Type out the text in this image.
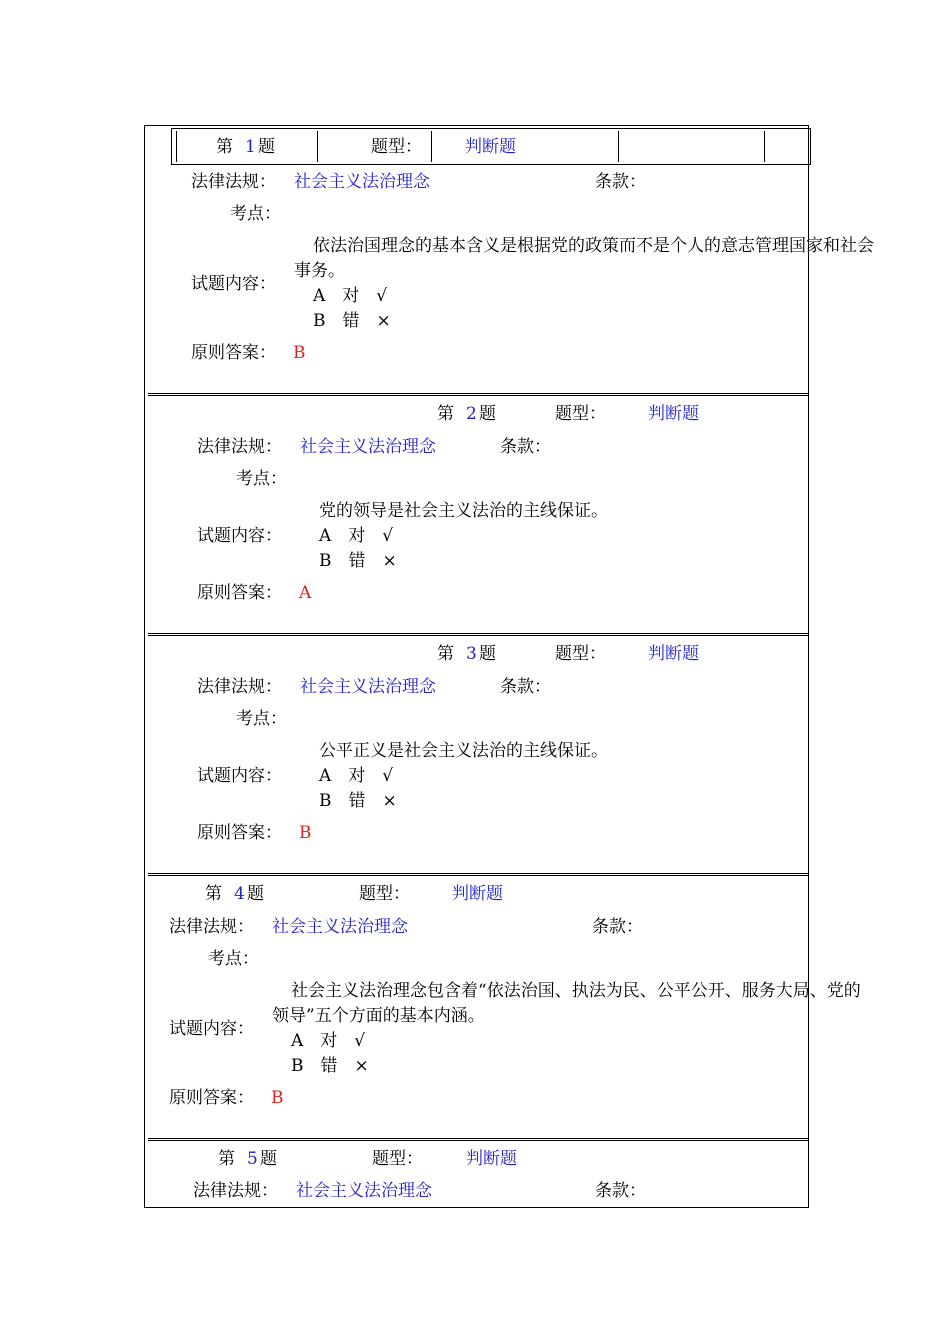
第 1 题	题型：	判断题
法律法规： 社会主义法治理念	条款：
考点：
依法治国理念的基本含义是根据党的政策而不是个人的意志管理国家和社会
事务。
试题内容：
A　对　√
B　错　×
原则答案： B
第 2 题	题型： 判断题
法律法规： 社会主义法治理念	条款：
考点：
党的领导是社会主义法治的主线保证。
试题内容： A　对　√
B　错　×
原则答案： A
第 3 题	题型： 判断题
法律法规： 社会主义法治理念	条款：
考点：
公平正义是社会主义法治的主线保证。
试题内容： A　对　√
B　错　×
原则答案： B
第 4 题	题型： 判断题
法律法规： 社会主义法治理念	条款：
考点：
社会主义法治理念包含着“依法治国、执法为民、公平公开、服务大局、党的
领导”五个方面的基本内涵。
试题内容：
A　对　√
B　错　×
原则答案： B
第 5 题	题型：	判断题
法律法规： 社会主义法治理念	条款：
